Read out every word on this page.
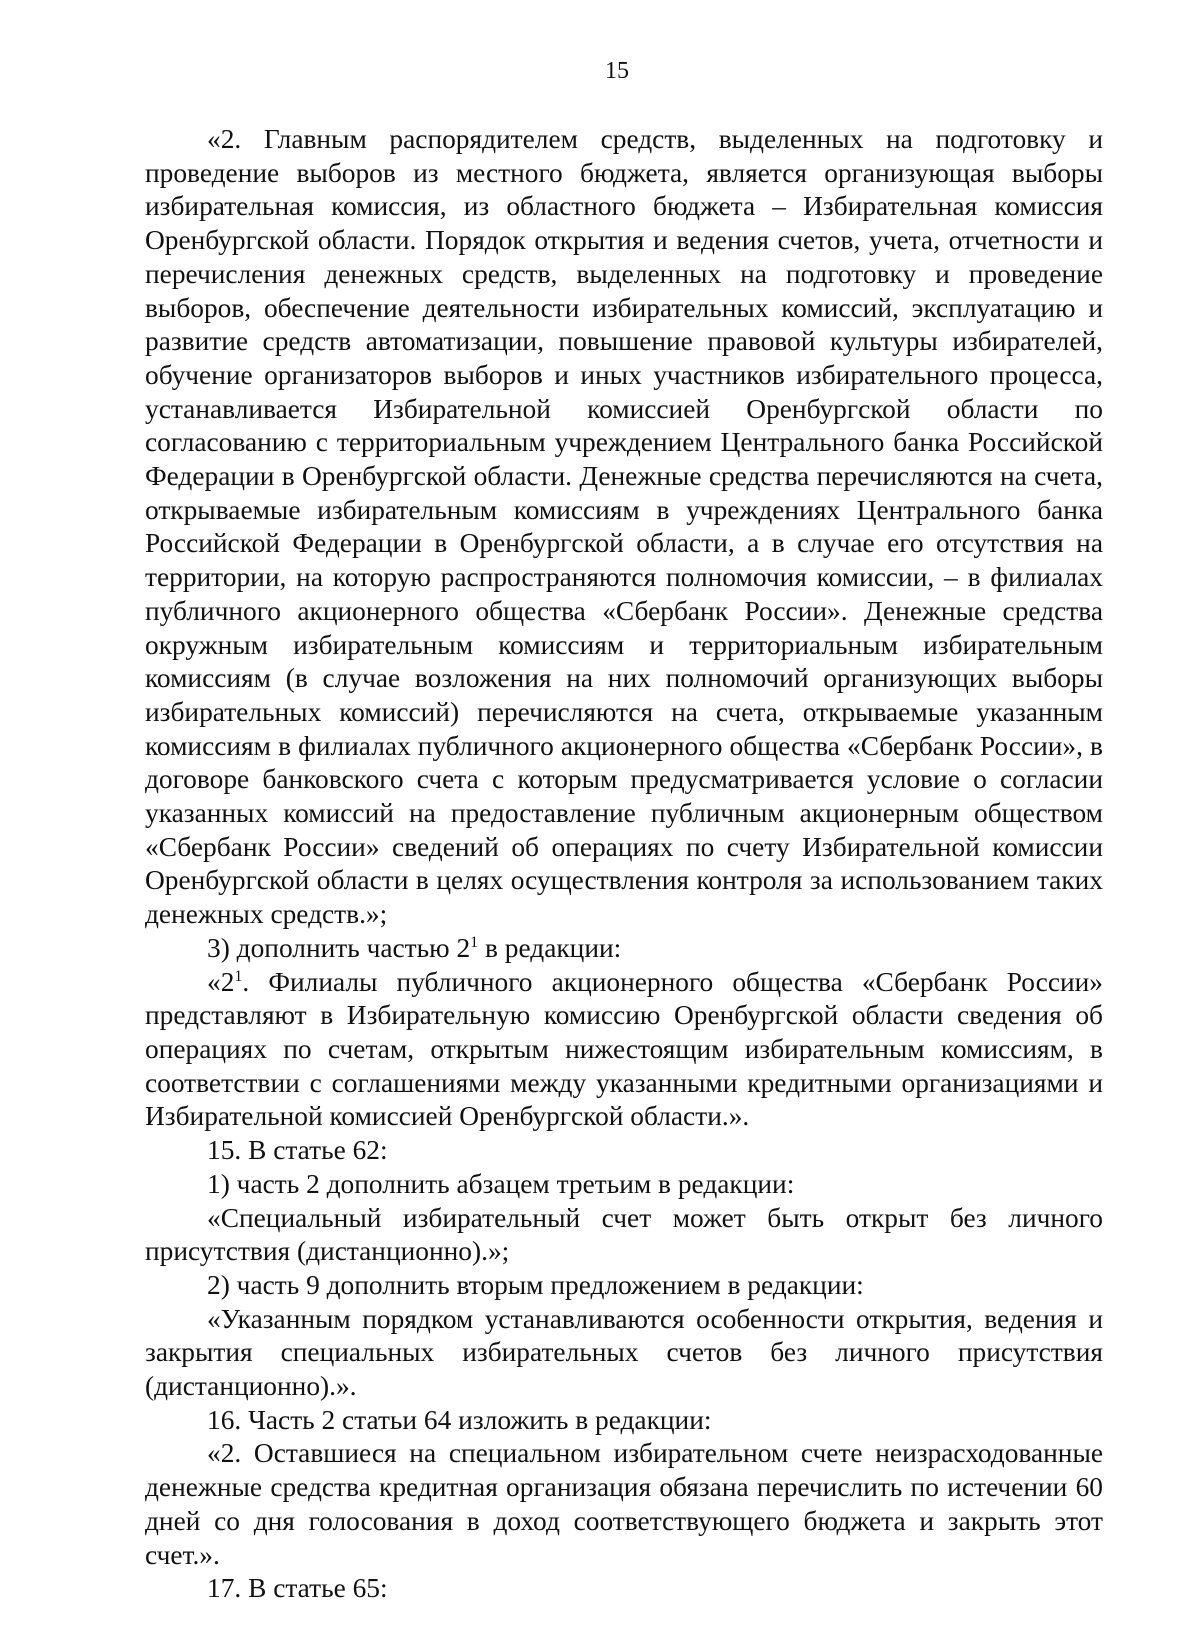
15

«2. Главным распорядителем средств, выделенных на подготовку и проведение выборов из местного бюджета, является организующая выборы избирательная комиссия, из областного бюджета – Избирательная комиссия Оренбургской области. Порядок открытия и ведения счетов, учета, отчетности и перечисления денежных средств, выделенных на подготовку и проведение выборов, обеспечение деятельности избирательных комиссий, эксплуатацию и развитие средств автоматизации, повышение правовой культуры избирателей, обучение организаторов выборов и иных участников избирательного процесса, устанавливается Избирательной комиссией Оренбургской области по согласованию с территориальным учреждением Центрального банка Российской Федерации в Оренбургской области. Денежные средства перечисляются на счета, открываемые избирательным комиссиям в учреждениях Центрального банка Российской Федерации в Оренбургской области, а в случае его отсутствия на территории, на которую распространяются полномочия комиссии, – в филиалах публичного акционерного общества «Сбербанк России». Денежные средства окружным избирательным комиссиям и территориальным избирательным комиссиям (в случае возложения на них полномочий организующих выборы избирательных комиссий) перечисляются на счета, открываемые указанным комиссиям в филиалах публичного акционерного общества «Сбербанк России», в договоре банковского счета с которым предусматривается условие о согласии указанных комиссий на предоставление публичным акционерным обществом «Сбербанк России» сведений об операциях по счету Избирательной комиссии Оренбургской области в целях осуществления контроля за использованием таких денежных средств.»;

3) дополнить частью $2^1$ в редакции:

«$2^1$. Филиалы публичного акционерного общества «Сбербанк России» представляют в Избирательную комиссию Оренбургской области сведения об операциях по счетам, открытым нижестоящим избирательным комиссиям, в соответствии с соглашениями между указанными кредитными организациями и Избирательной комиссией Оренбургской области.».

15. В статье 62:

1) часть 2 дополнить абзацем третьим в редакции:

«Специальный избирательный счет может быть открыт без личного присутствия (дистанционно).»;

2) часть 9 дополнить вторым предложением в редакции:

«Указанным порядком устанавливаются особенности открытия, ведения и закрытия специальных избирательных счетов без личного присутствия (дистанционно).».

16. Часть 2 статьи 64 изложить в редакции:

«2. Оставшиеся на специальном избирательном счете неизрасходованные денежные средства кредитная организация обязана перечислить по истечении 60 дней со дня голосования в доход соответствующего бюджета и закрыть этот счет.».

17. В статье 65:
